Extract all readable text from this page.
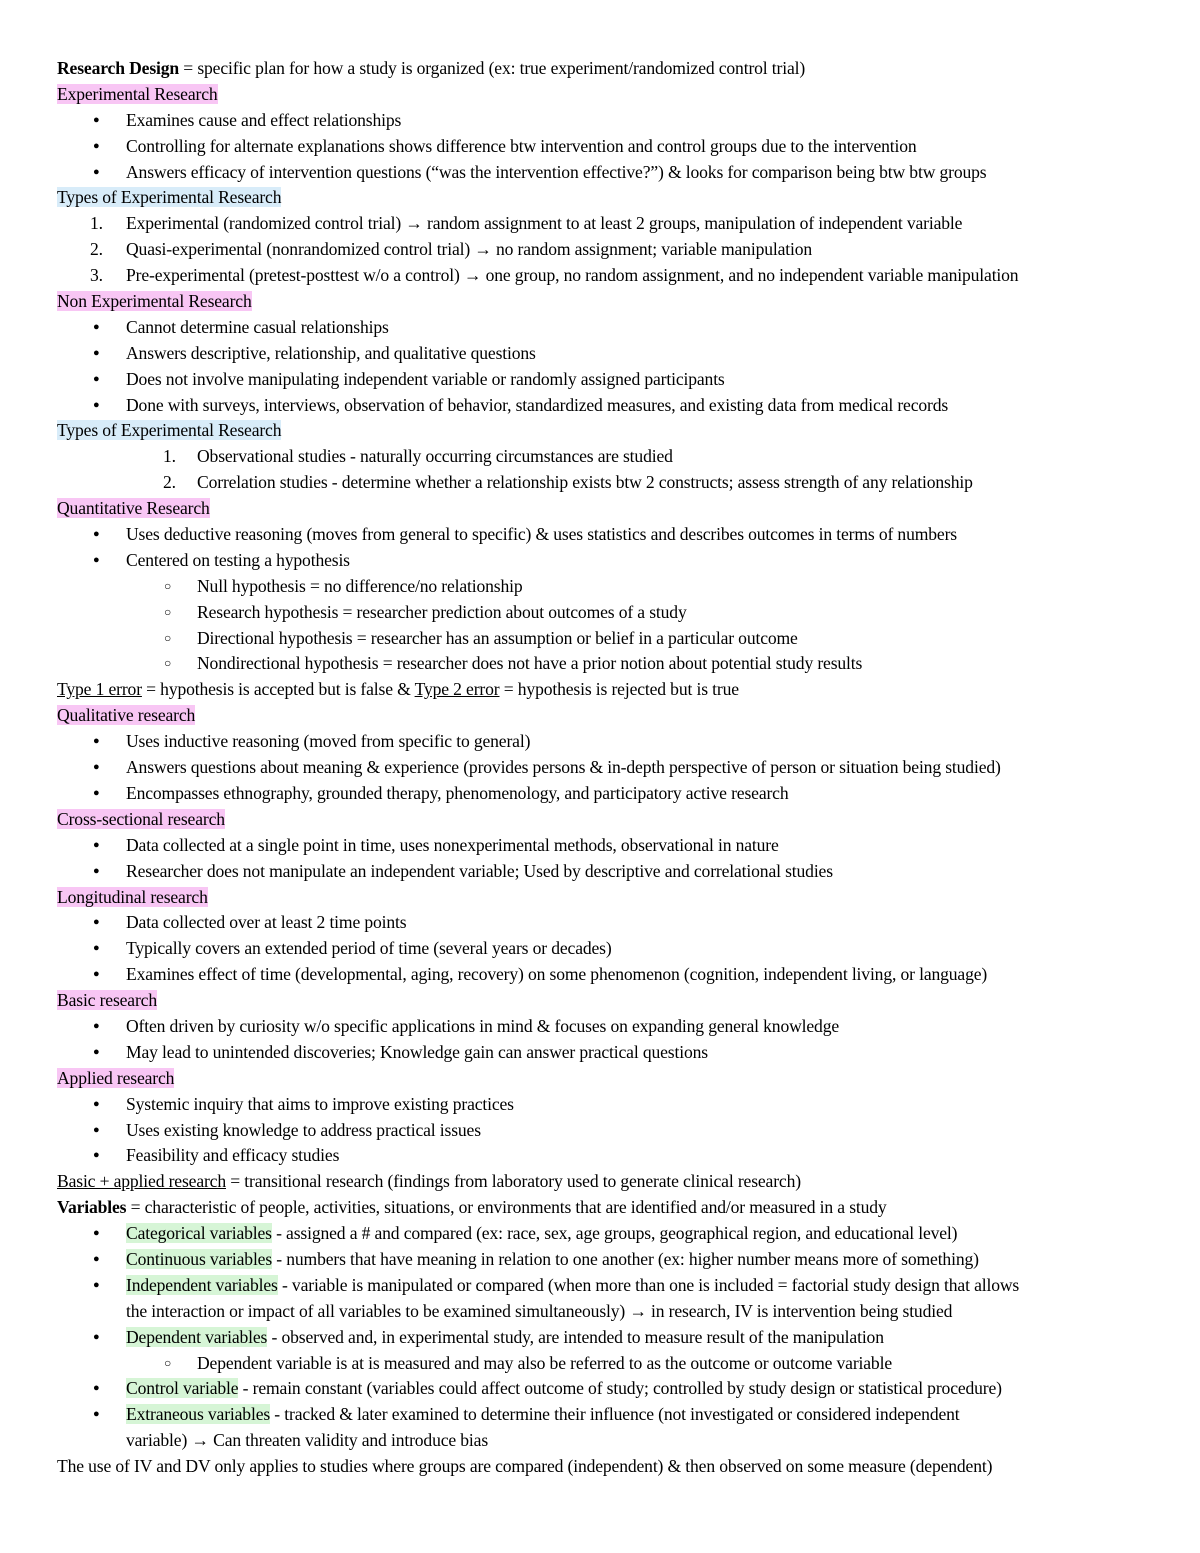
Research Design = specific plan for how a study is organized (ex: true experiment/randomized control trial)
Experimental Research
● Examines cause and effect relationships
● Controlling for alternate explanations shows difference btw intervention and control groups due to the intervention
● Answers efficacy of intervention questions (“was the intervention effective?”) & looks for comparison being btw btw groups
Types of Experimental Research
1. Experimental (randomized control trial) → random assignment to at least 2 groups, manipulation of independent variable
2. Quasi-experimental (nonrandomized control trial) → no random assignment; variable manipulation
3. Pre-experimental (pretest-posttest w/o a control) → one group, no random assignment, and no independent variable manipulation
Non Experimental Research
● Cannot determine casual relationships
● Answers descriptive, relationship, and qualitative questions
● Does not involve manipulating independent variable or randomly assigned participants
● Done with surveys, interviews, observation of behavior, standardized measures, and existing data from medical records
Types of Experimental Research
1. Observational studies - naturally occurring circumstances are studied
2. Correlation studies - determine whether a relationship exists btw 2 constructs; assess strength of any relationship
Quantitative Research
● Uses deductive reasoning (moves from general to specific) & uses statistics and describes outcomes in terms of numbers
● Centered on testing a hypothesis
○ Null hypothesis = no difference/no relationship
○ Research hypothesis = researcher prediction about outcomes of a study
○ Directional hypothesis = researcher has an assumption or belief in a particular outcome
○ Nondirectional hypothesis = researcher does not have a prior notion about potential study results
Type 1 error = hypothesis is accepted but is false & Type 2 error = hypothesis is rejected but is true
Qualitative research
● Uses inductive reasoning (moved from specific to general)
● Answers questions about meaning & experience (provides persons & in-depth perspective of person or situation being studied)
● Encompasses ethnography, grounded therapy, phenomenology, and participatory active research
Cross-sectional research
● Data collected at a single point in time, uses nonexperimental methods, observational in nature
● Researcher does not manipulate an independent variable; Used by descriptive and correlational studies
Longitudinal research
● Data collected over at least 2 time points
● Typically covers an extended period of time (several years or decades)
● Examines effect of time (developmental, aging, recovery) on some phenomenon (cognition, independent living, or language)
Basic research
● Often driven by curiosity w/o specific applications in mind & focuses on expanding general knowledge
● May lead to unintended discoveries; Knowledge gain can answer practical questions
Applied research
● Systemic inquiry that aims to improve existing practices
● Uses existing knowledge to address practical issues
● Feasibility and efficacy studies
Basic + applied research = transitional research (findings from laboratory used to generate clinical research)
Variables = characteristic of people, activities, situations, or environments that are identified and/or measured in a study
● Categorical variables - assigned a # and compared (ex: race, sex, age groups, geographical region, and educational level)
● Continuous variables - numbers that have meaning in relation to one another (ex: higher number means more of something)
● Independent variables - variable is manipulated or compared (when more than one is included = factorial study design that allows
the interaction or impact of all variables to be examined simultaneously) → in research, IV is intervention being studied
● Dependent variables - observed and, in experimental study, are intended to measure result of the manipulation
○ Dependent variable is at is measured and may also be referred to as the outcome or outcome variable
● Control variable - remain constant (variables could affect outcome of study; controlled by study design or statistical procedure)
● Extraneous variables - tracked & later examined to determine their influence (not investigated or considered independent
variable) → Can threaten validity and introduce bias
The use of IV and DV only applies to studies where groups are compared (independent) & then observed on some measure (dependent)
